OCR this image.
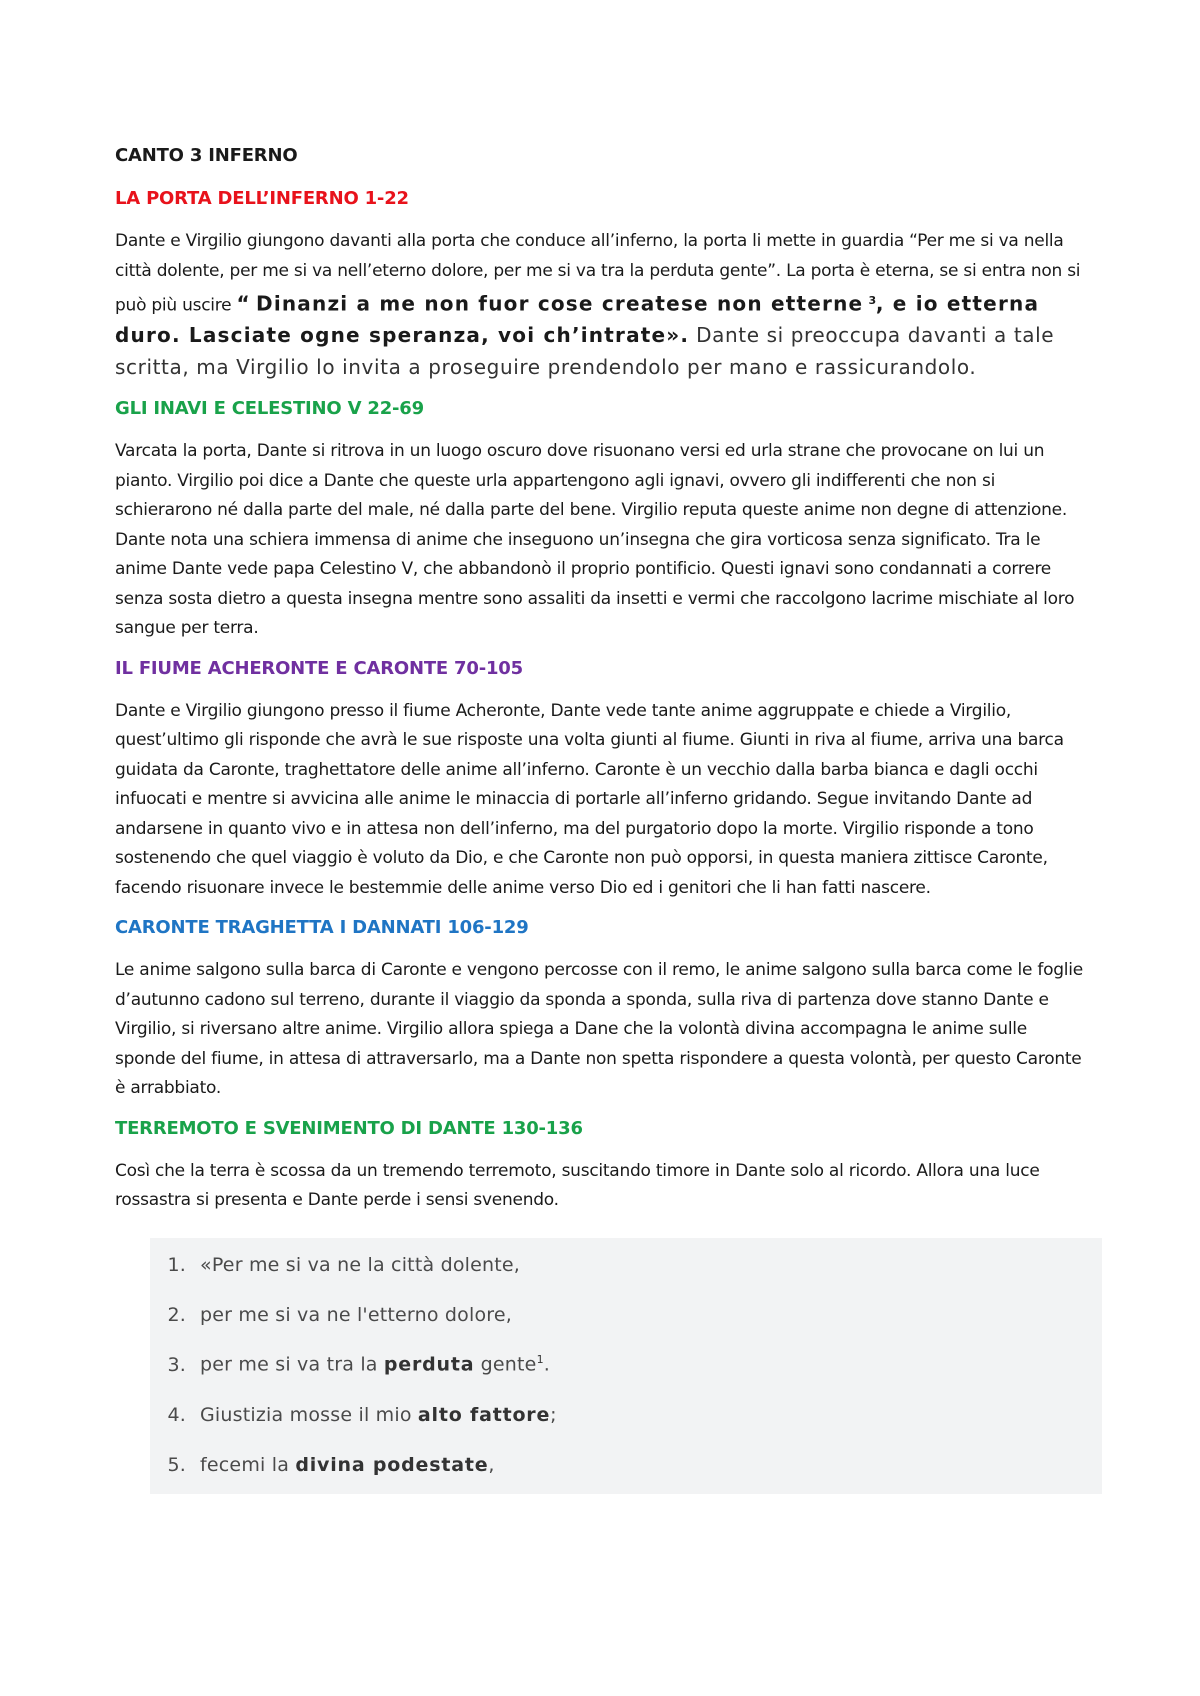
CANTO 3 INFERNO
LA PORTA DELL’INFERNO 1-22
Dante e Virgilio giungono davanti alla porta che conduce all’inferno, la porta li mette in guardia “Per me si va nella città dolente, per me si va nell’eterno dolore, per me si va tra la perduta gente”. La porta è eterna, se si entra non si può più uscire “ Dinanzi a me non fuor cose createse non etterne $^3$, e io etterna duro. Lasciate ogne speranza, voi ch’intrate». Dante si preoccupa davanti a tale scritta, ma Virgilio lo invita a proseguire prendendolo per mano e rassicurandolo.
GLI INAVI E CELESTINO V 22-69
Varcata la porta, Dante si ritrova in un luogo oscuro dove risuonano versi ed urla strane che provocane on lui un pianto. Virgilio poi dice a Dante che queste urla appartengono agli ignavi, ovvero gli indifferenti che non si schierarono né dalla parte del male, né dalla parte del bene. Virgilio reputa queste anime non degne di attenzione. Dante nota una schiera immensa di anime che inseguono un’insegna che gira vorticosa senza significato. Tra le anime Dante vede papa Celestino V, che abbandonò il proprio pontificio. Questi ignavi sono condannati a correre senza sosta dietro a questa insegna mentre sono assaliti da insetti e vermi che raccolgono lacrime mischiate al loro sangue per terra.
IL FIUME ACHERONTE E CARONTE 70-105
Dante e Virgilio giungono presso il fiume Acheronte, Dante vede tante anime aggruppate e chiede a Virgilio, quest’ultimo gli risponde che avrà le sue risposte una volta giunti al fiume. Giunti in riva al fiume, arriva una barca guidata da Caronte, traghettatore delle anime all’inferno. Caronte è un vecchio dalla barba bianca e dagli occhi infuocati e mentre si avvicina alle anime le minaccia di portarle all’inferno gridando. Segue invitando Dante ad andarsene in quanto vivo e in attesa non dell’inferno, ma del purgatorio dopo la morte. Virgilio risponde a tono sostenendo che quel viaggio è voluto da Dio, e che Caronte non può opporsi, in questa maniera zittisce Caronte, facendo risuonare invece le bestemmie delle anime verso Dio ed i genitori che li han fatti nascere.
CARONTE TRAGHETTA I DANNATI 106-129
Le anime salgono sulla barca di Caronte e vengono percosse con il remo, le anime salgono sulla barca come le foglie d’autunno cadono sul terreno, durante il viaggio da sponda a sponda, sulla riva di partenza dove stanno Dante e Virgilio, si riversano altre anime. Virgilio allora spiega a Dane che la volontà divina accompagna le anime sulle sponde del fiume, in attesa di attraversarlo, ma a Dante non spetta rispondere a questa volontà, per questo Caronte è arrabbiato.
TERREMOTO E SVENIMENTO DI DANTE 130-136
Così che la terra è scossa da un tremendo terremoto, suscitando timore in Dante solo al ricordo. Allora una luce rossastra si presenta e Dante perde i sensi svenendo.
1. «Per me si va ne la città dolente,
2. per me si va ne l'etterno dolore,
3. per me si va tra la perduta gente$^1$.
4. Giustizia mosse il mio alto fattore;
5. fecemi la divina podestate,
